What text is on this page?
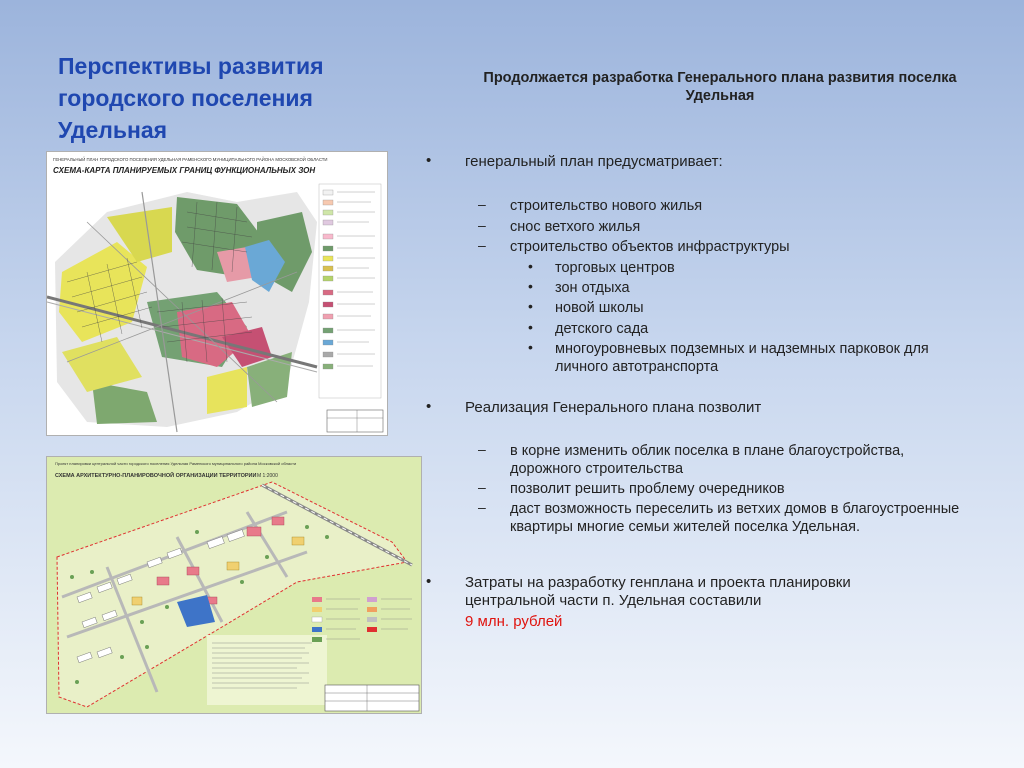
Перспективы развития городского поселения Удельная
Продолжается разработка Генерального плана развития поселка Удельная
ГЕНЕРАЛЬНЫЙ ПЛАН ГОРОДСКОГО ПОСЕЛЕНИЯ УДЕЛЬНАЯ РАМЕНСКОГО МУНИЦИПАЛЬНОГО РАЙОНА МОСКОВСКОЙ ОБЛАСТИ
СХЕМА-КАРТА ПЛАНИРУЕМЫХ ГРАНИЦ ФУНКЦИОНАЛЬНЫХ ЗОН
Проект планировки центральной части городского поселения Удельная Раменского муниципального района Московской области
СХЕМА АРХИТЕКТУРНО-ПЛАНИРОВОЧНОЙ ОРГАНИЗАЦИИ ТЕРРИТОРИИ М 1:2000
• генеральный план предусматривает:
– строительство нового жилья
– снос ветхого жилья
– строительство объектов инфраструктуры
• торговых центров
• зон отдыха
• новой школы
• детского сада
• многоуровневых подземных и надземных парковок для личного автотранспорта
• Реализация Генерального плана позволит
– в корне изменить облик поселка в плане благоустройства, дорожного строительства
– позволит решить проблему очередников
– даст возможность переселить из ветхих домов в благоустроенные квартиры многие семьи жителей поселка Удельная.
• Затраты на разработку генплана и проекта планировки центральной части п. Удельная составили
9 млн. рублей
